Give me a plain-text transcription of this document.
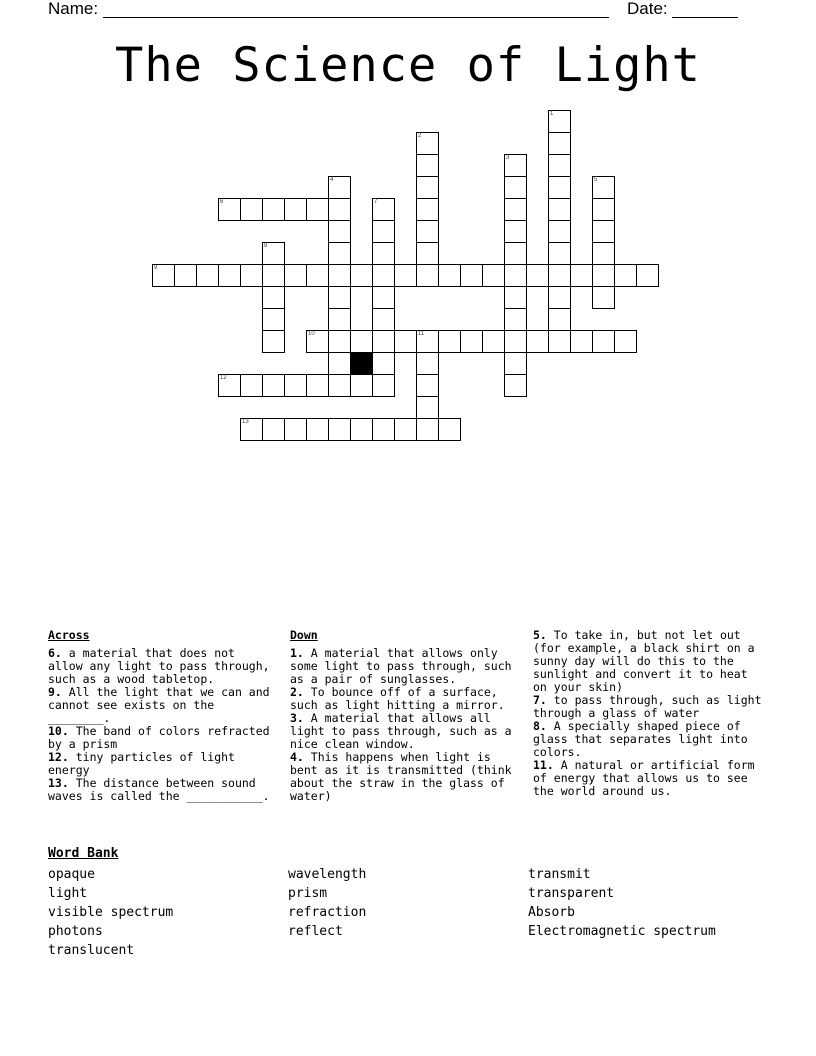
Name:	Date:
The Science of Light
6
9
10	11
12
13
1
2
3
4	5
7
8
Across

6. a material that does not allow any light to pass through, such as a wood tabletop.

9. All the light that we can and cannot see exists on the ________.

10. The band of colors refracted by a prism

12. tiny particles of light energy

13. The distance between sound waves is called the ___________.

Down

1. A material that allows only some light to pass through, such as a pair of sunglasses.

2. To bounce off of a surface, such as light hitting a mirror.

3. A material that allows all light to pass through, such as a nice clean window.

4. This happens when light is bent as it is transmitted (think about the straw in the glass of water)

5. To take in, but not let out (for example, a black shirt on a sunny day will do this to the sunlight and convert it to heat on your skin)

7. to pass through, such as light through a glass of water

8. A specially shaped piece of glass that separates light into colors.

11. A natural or artificial form of energy that allows us to see the world around us.

Word Bank
opaque
light
visible spectrum
photons
translucent
wavelength
prism
refraction
reflect
transmit
transparent
Absorb
Electromagnetic spectrum
